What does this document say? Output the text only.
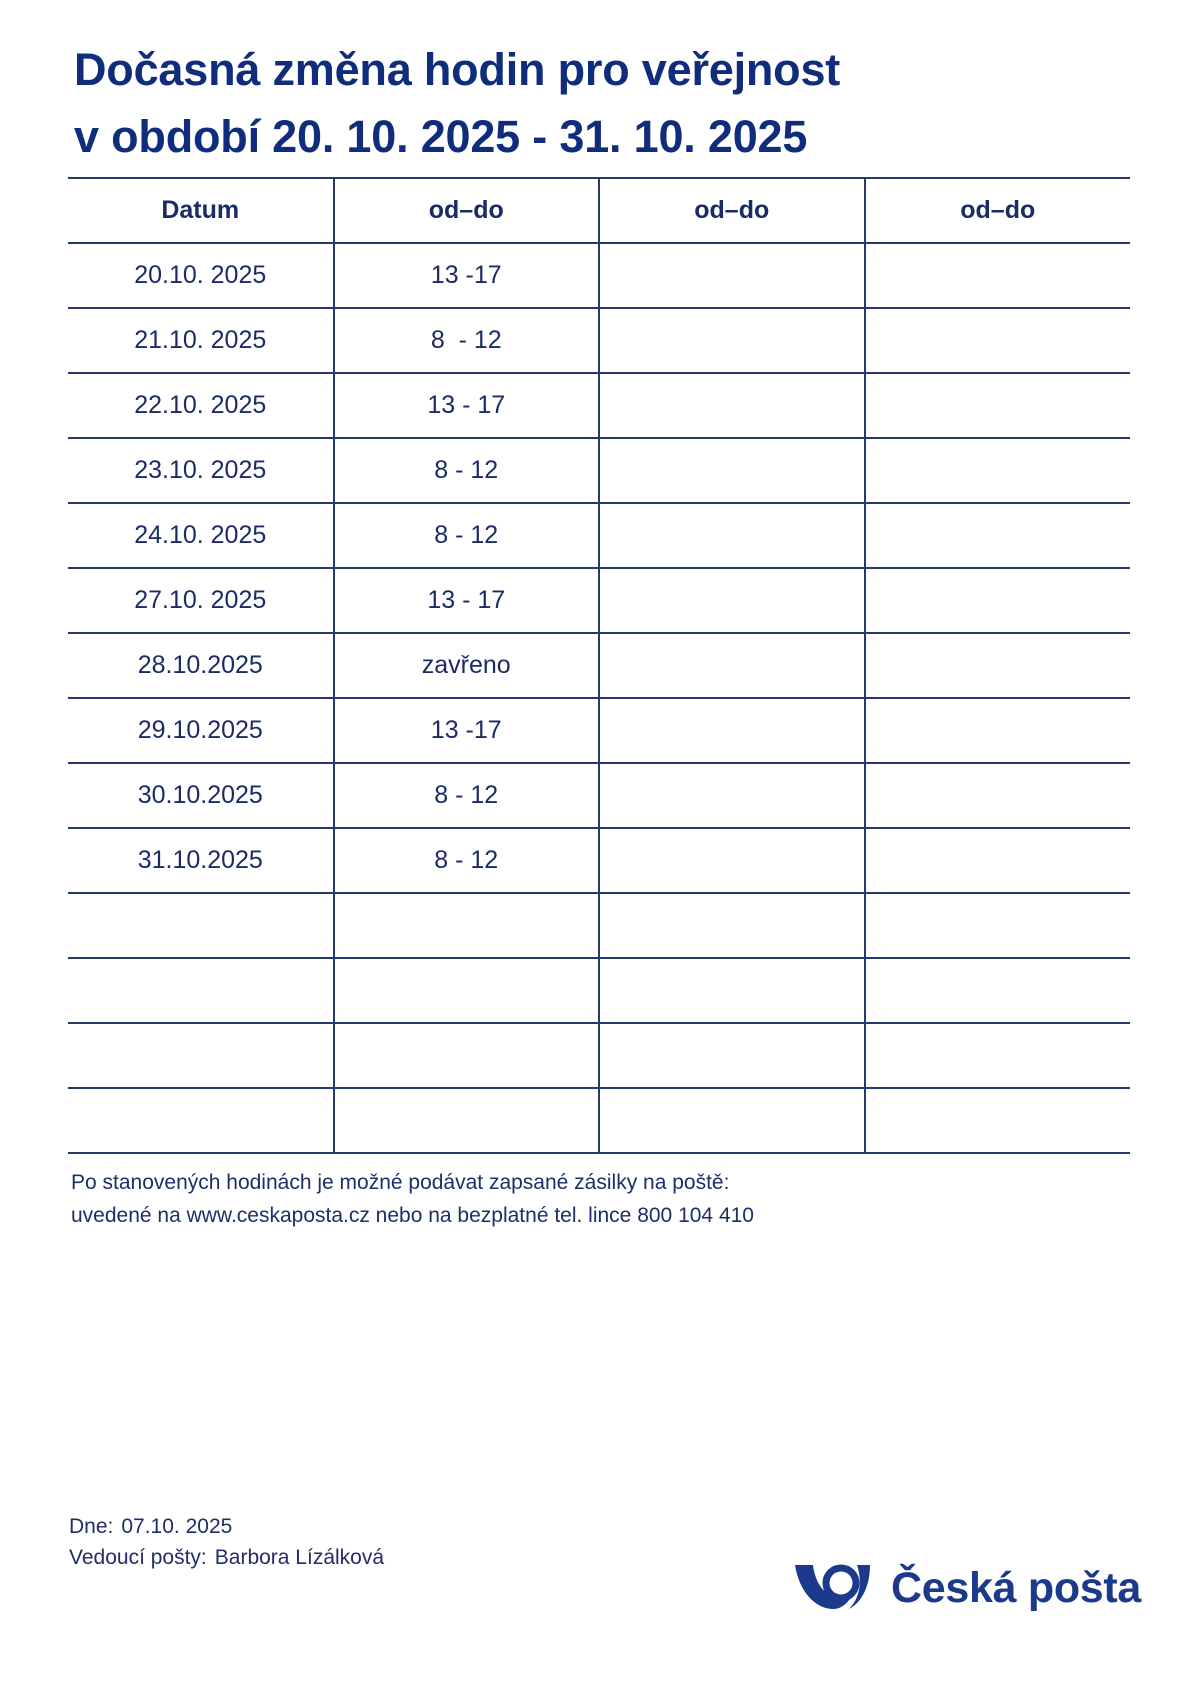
Dočasná změna hodin pro veřejnost
v období 20. 10. 2025 - 31. 10. 2025
Datum	od–do	od–do	od–do
20.10. 2025	13 -17		
21.10. 2025	8  - 12		
22.10. 2025	13 - 17		
23.10. 2025	8 - 12		
24.10. 2025	8 - 12		
27.10. 2025	13 - 17		
28.10.2025	zavřeno		
29.10.2025	13 -17		
30.10.2025	8 - 12		
31.10.2025	8 - 12		

Po stanovených hodinách je možné podávat zapsané zásilky na poště:
uvedené na www.ceskaposta.cz nebo na bezplatné tel. lince 800 104 410
Dne: 07.10. 2025
Vedoucí pošty: Barbora Lízálková
Česká pošta
